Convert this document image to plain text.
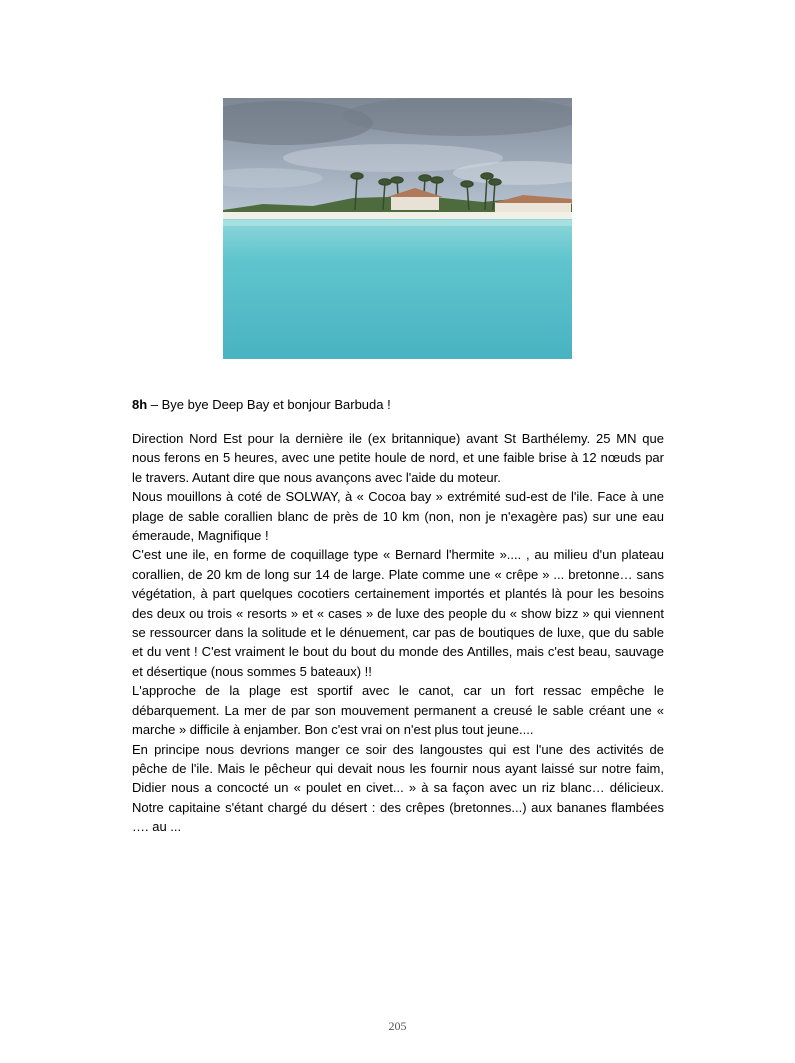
8h – Bye bye Deep Bay et bonjour Barbuda !

Direction Nord Est pour la dernière ile (ex britannique) avant St Barthélemy. 25 MN que nous ferons en 5 heures, avec une petite houle de nord, et une faible brise à 12 nœuds par le travers. Autant dire que nous avançons avec l'aide du moteur.

Nous mouillons à coté de SOLWAY, à « Cocoa bay » extrémité sud-est de l'ile. Face à une plage de sable corallien blanc de près de 10 km (non, non je n'exagère pas) sur une eau émeraude, Magnifique !

C'est une ile, en forme de coquillage type « Bernard l'hermite ».... , au milieu d'un plateau corallien, de 20 km de long sur 14 de large. Plate comme une « crêpe » ... bretonne… sans végétation, à part quelques cocotiers certainement importés et plantés là pour les besoins des deux ou trois « resorts » et « cases » de luxe des people du « show bizz » qui viennent se ressourcer dans la solitude et le dénuement, car pas de boutiques de luxe, que du sable et du vent ! C'est vraiment le bout du bout du monde des Antilles, mais c'est beau, sauvage et désertique (nous sommes 5 bateaux) !!

L'approche de la plage est sportif avec le canot, car un fort ressac empêche le débarquement. La mer de par son mouvement permanent a creusé le sable créant une « marche » difficile à enjamber. Bon c'est vrai on n'est plus tout jeune....

En principe nous devrions manger ce soir des langoustes qui est l'une des activités de pêche de l'ile. Mais le pêcheur qui devait nous les fournir nous ayant laissé sur notre faim, Didier nous a concocté un « poulet en civet... » à sa façon avec un riz blanc… délicieux. Notre capitaine s'étant chargé du désert : des crêpes (bretonnes...) aux bananes flambées …. au ...

205
